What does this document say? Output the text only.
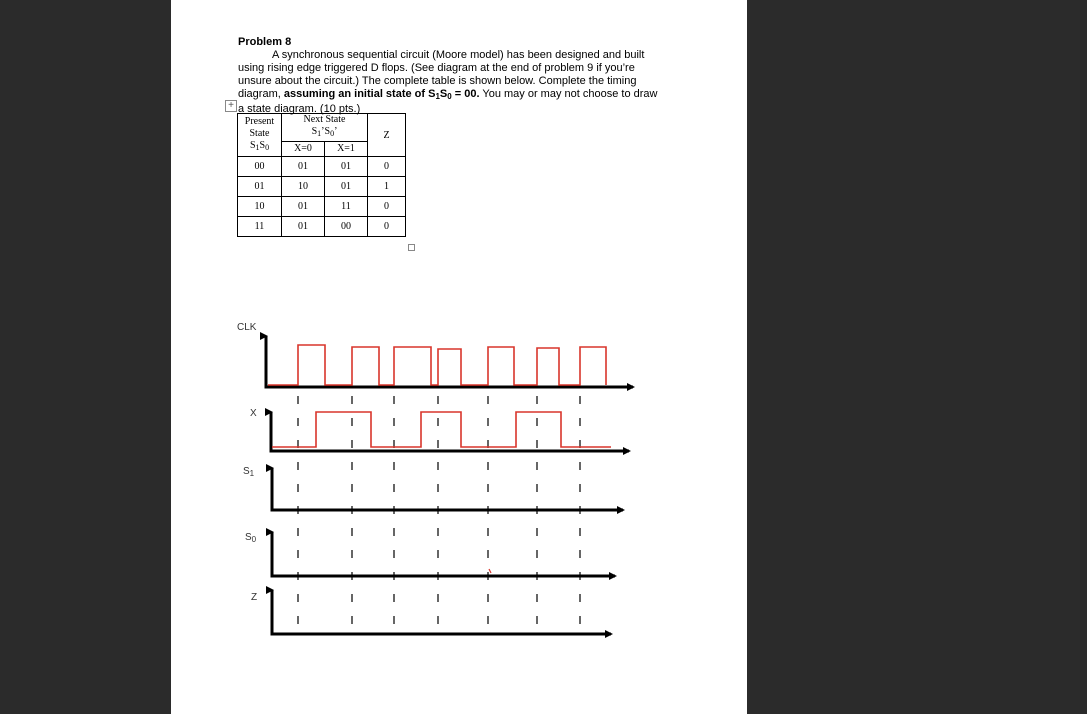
Problem 8
A synchronous sequential circuit (Moore model) has been designed and built
using rising edge triggered D flops. (See diagram at the end of problem 9 if you’re
unsure about the circuit.) The complete table is shown below. Complete the timing
diagram, assuming an initial state of $S_1S_0 = 00$. You may or may not choose to draw
a state diagram. (10 pts.)
+
Present
State
$S_1S_0$	Next State
$S_1’S_0$’		Z
	X=0	X=1	
00	01	01	0
01	10	01	1
10	01	11	0
11	01	00	0
CLK
X
$S_1$
$S_0$
Z
